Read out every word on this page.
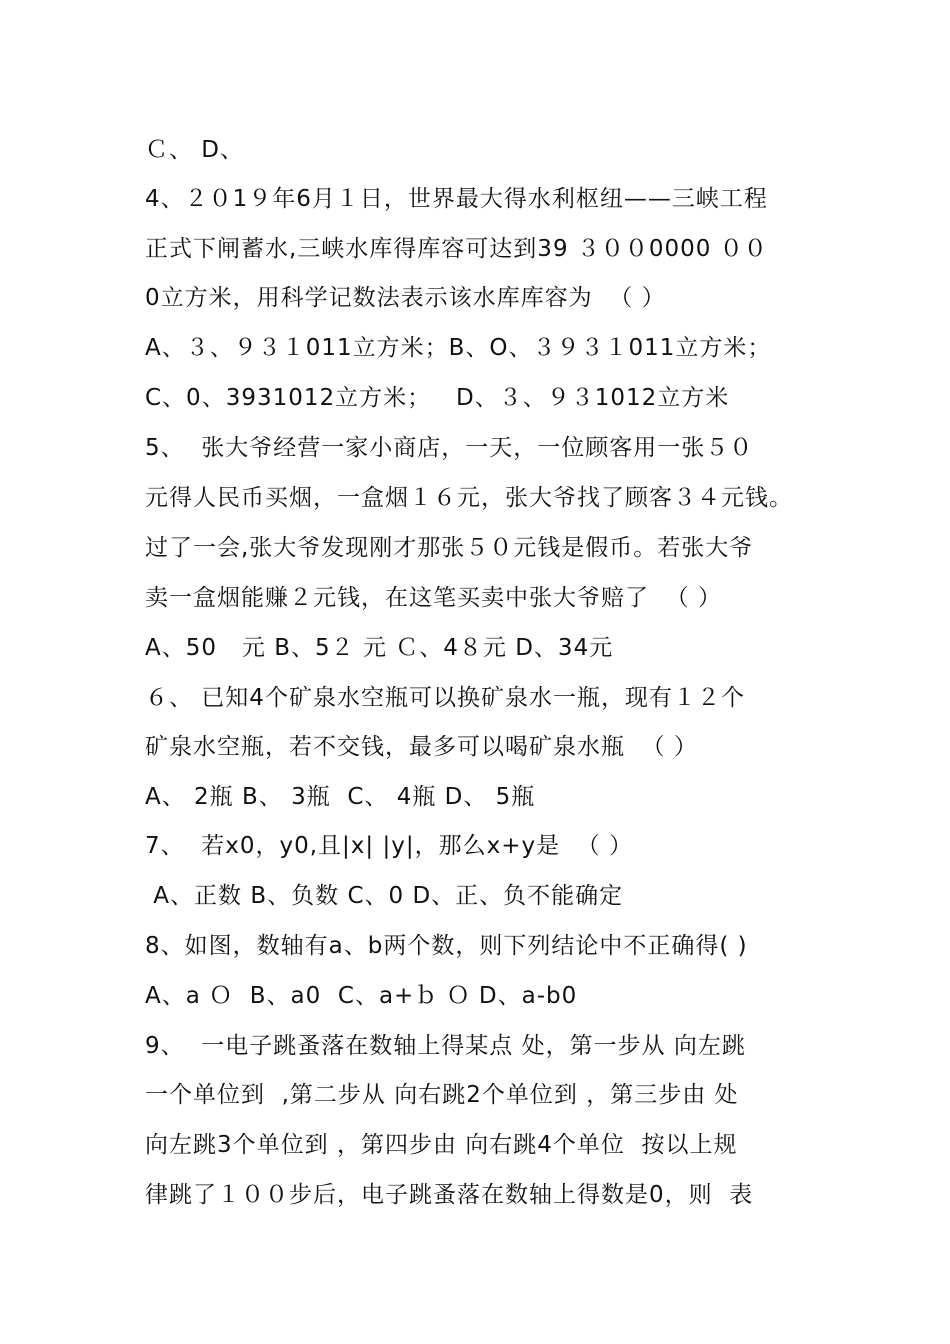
Ｃ、 D、
4、２０1９年6月１日，世界最大得水利枢纽——三峡工程
正式下闸蓄水,三峡水库得库容可达到39 ３００0000 ００
0立方米，用科学记数法表示该水库库容为  （ ）
A、３、９３１011立方米；B、O、３９３１011立方米；
C、0、3931012立方米；   D、３、９３1012立方米
5、  张大爷经营一家小商店，一天，一位顾客用一张５０
元得人民币买烟，一盒烟１６元，张大爷找了顾客３４元钱。
过了一会,张大爷发现刚才那张５０元钱是假币。若张大爷
卖一盒烟能赚２元钱，在这笔买卖中张大爷赔了  （ ）
A、50   元 B、5２ 元 Ｃ、4８元 D、34元
６、 已知4个矿泉水空瓶可以换矿泉水一瓶，现有１２个
矿泉水空瓶，若不交钱，最多可以喝矿泉水瓶  （ ）
A、 2瓶 B、 3瓶  C、 4瓶 D、 5瓶
7、  若x0，y0,且|x| |y|，那么x+y是  （ ）
A、正数 B、负数 C、0 D、正、负不能确定
8、如图，数轴有a、b两个数，则下列结论中不正确得( )
A、a Ｏ  B、a0  C、a+ｂ Ｏ D、a-b0
9、  一电子跳蚤落在数轴上得某点 处，第一步从 向左跳
一个单位到  ,第二步从 向右跳2个单位到 ，第三步由 处
向左跳3个单位到 ，第四步由 向右跳4个单位  按以上规
律跳了１００步后，电子跳蚤落在数轴上得数是0，则  表
